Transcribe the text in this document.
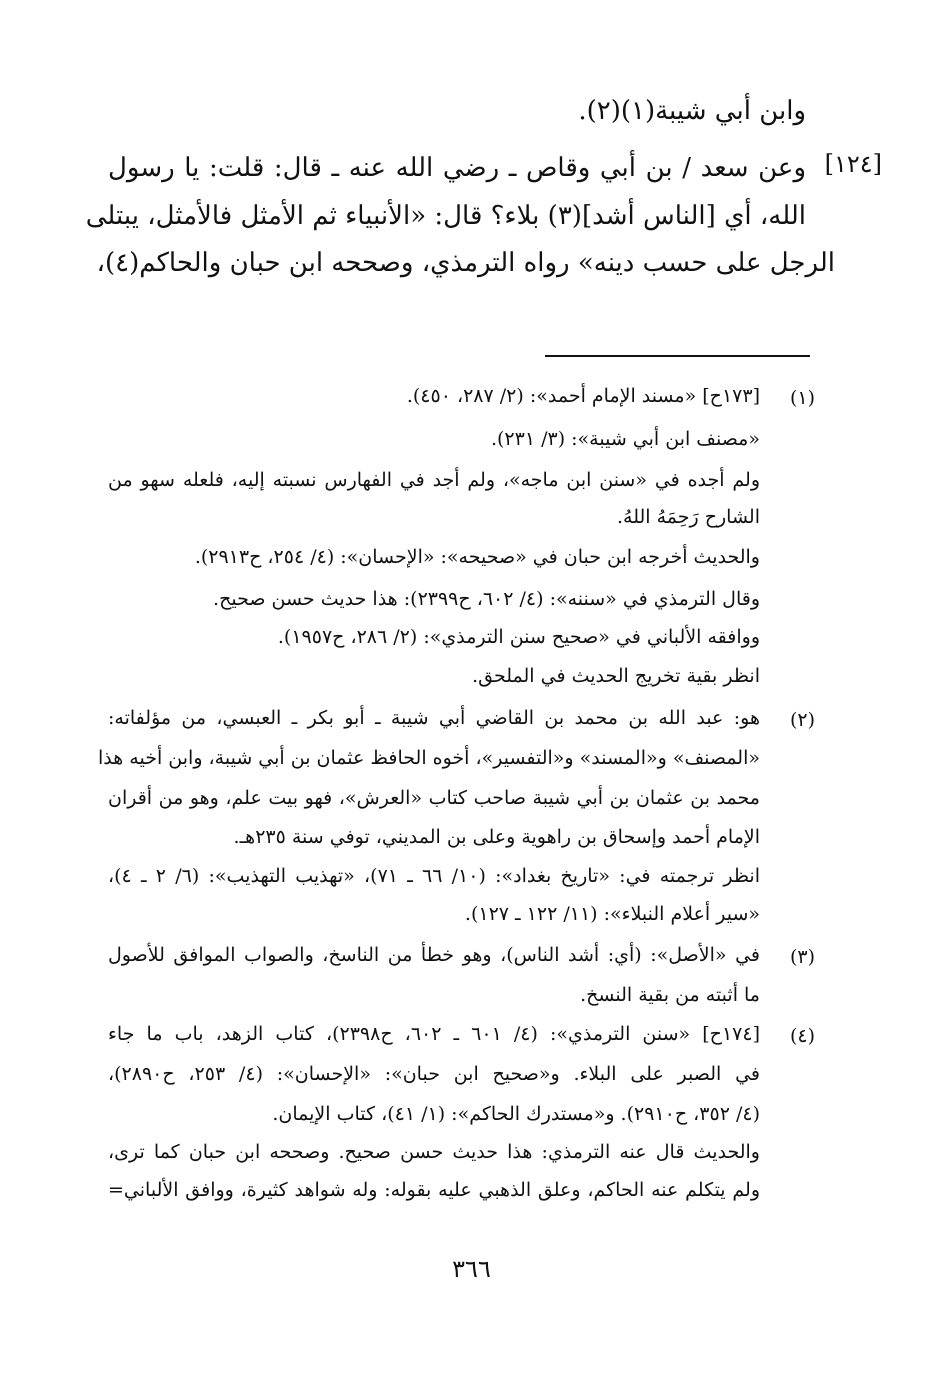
وابن أبي شيبة(١)(٢).
[١٢٤]
وعن سعد / بن أبي وقاص ـ رضي الله عنه ـ قال: قلت: يا رسول
الله، أي [الناس أشد](٣) بلاء؟ قال: «الأنبياء ثم الأمثل فالأمثل، يبتلى
الرجل على حسب دينه» رواه الترمذي، وصححه ابن حبان والحاكم(٤)،
(١)
[١٧٣ح] «مسند الإمام أحمد»: (٢/ ٢٨٧، ٤٥٠).
«مصنف ابن أبي شيبة»: (٣/ ٢٣١).
ولم أجده في «سنن ابن ماجه»، ولم أجد في الفهارس نسبته إليه، فلعله سهو من
الشارح رَحِمَهُ اللهُ.
والحديث أخرجه ابن حبان في «صحيحه»: «الإحسان»: (٤/ ٢٥٤، ح٢٩١٣).
وقال الترمذي في «سننه»: (٤/ ٦٠٢، ح٢٣٩٩): هذا حديث حسن صحيح.
ووافقه الألباني في «صحيح سنن الترمذي»: (٢/ ٢٨٦، ح١٩٥٧).
انظر بقية تخريج الحديث في الملحق.
(٢)
هو: عبد الله بن محمد بن القاضي أبي شيبة ـ أبو بكر ـ العبسي، من مؤلفاته:
«المصنف» و«المسند» و«التفسير»، أخوه الحافظ عثمان بن أبي شيبة، وابن أخيه هذا
محمد بن عثمان بن أبي شيبة صاحب كتاب «العرش»، فهو بيت علم، وهو من أقران
الإمام أحمد وإسحاق بن راهوية وعلى بن المديني، توفي سنة ٢٣٥هـ.
انظر ترجمته في: «تاريخ بغداد»: (١٠/ ٦٦ ـ ٧١)، «تهذيب التهذيب»: (٦/ ٢ ـ ٤)،
«سير أعلام النبلاء»: (١١/ ١٢٢ ـ ١٢٧).
(٣)
في «الأصل»: (أي: أشد الناس)، وهو خطأ من الناسخ، والصواب الموافق للأصول
ما أثبته من بقية النسخ.
(٤)
[١٧٤ح] «سنن الترمذي»: (٤/ ٦٠١ ـ ٦٠٢، ح٢٣٩٨)، كتاب الزهد، باب ما جاء
في الصبر على البلاء. و«صحيح ابن حبان»: «الإحسان»: (٤/ ٢٥٣، ح٢٨٩٠)،
(٤/ ٣٥٢، ح٢٩١٠). و«مستدرك الحاكم»: (١/ ٤١)، كتاب الإيمان.
والحديث قال عنه الترمذي: هذا حديث حسن صحيح. وصححه ابن حبان كما ترى،
ولم يتكلم عنه الحاكم، وعلق الذهبي عليه بقوله: وله شواهد كثيرة، ووافق الألباني=
٣٦٦
